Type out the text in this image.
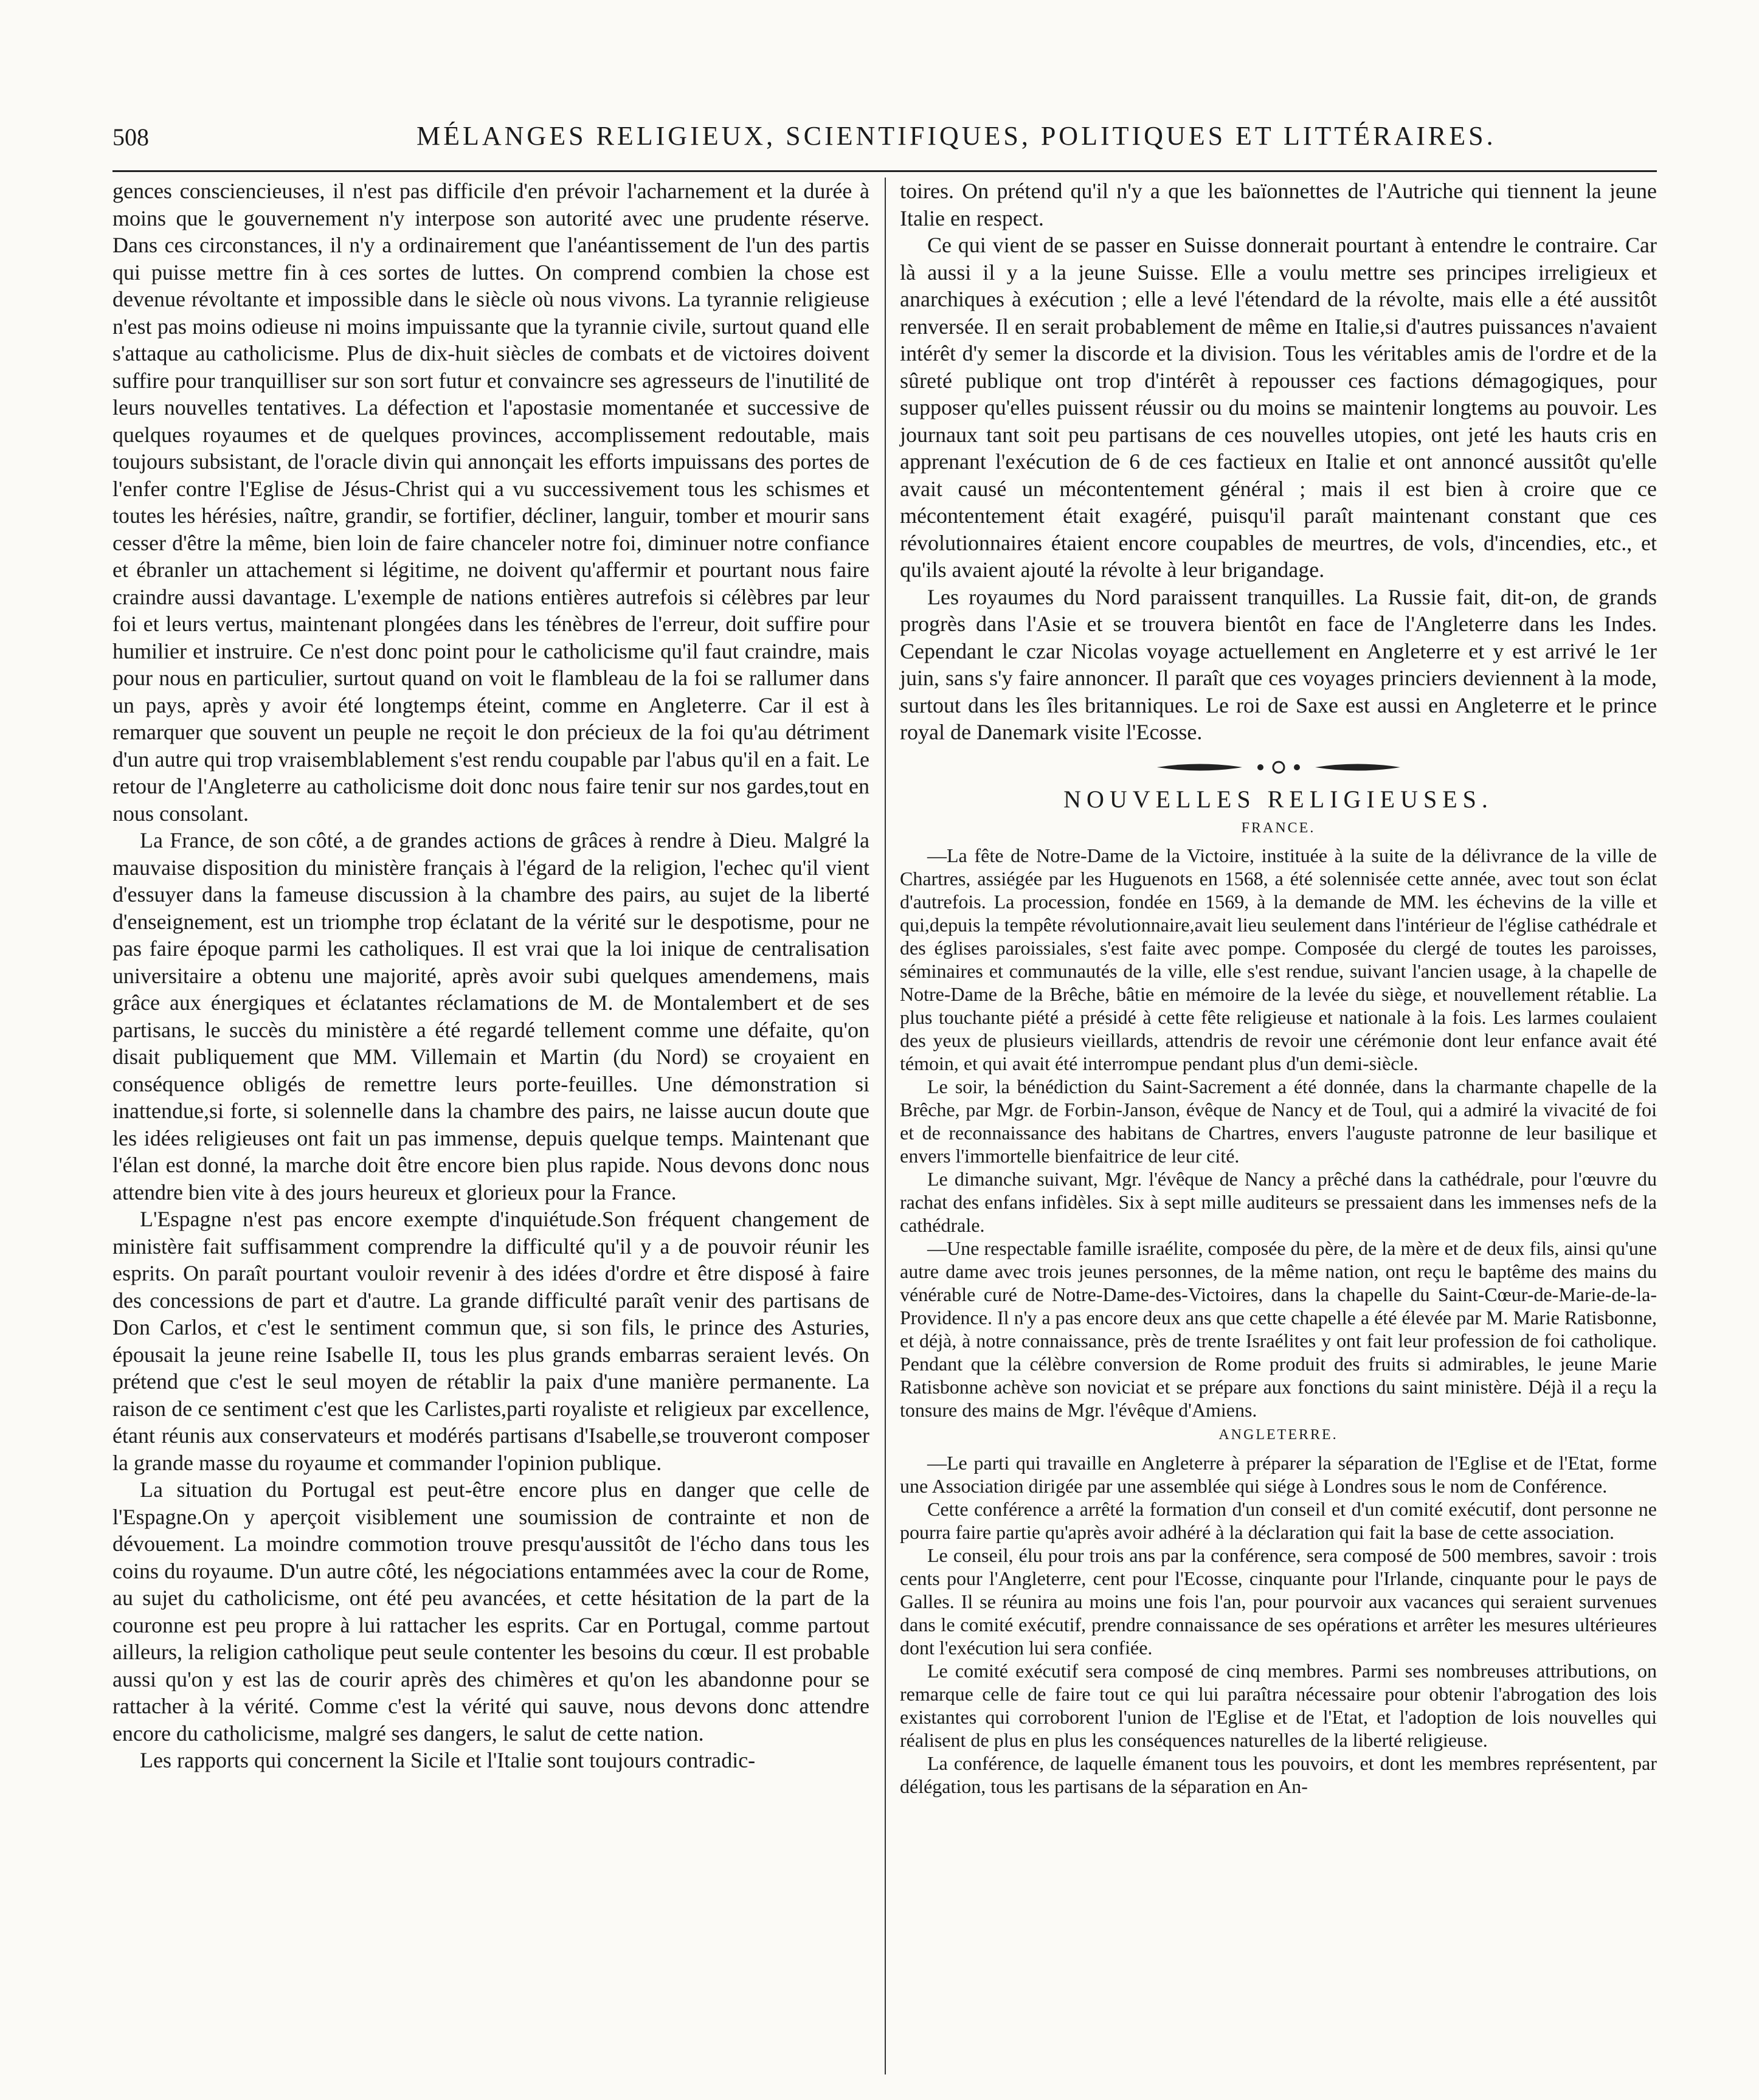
508	MÉLANGES RELIGIEUX, SCIENTIFIQUES, POLITIQUES ET LITTÉRAIRES.

gences consciencieuses, il n'est pas difficile d'en prévoir l'acharnement et la durée à moins que le gouvernement n'y interpose son autorité avec une prudente réserve. Dans ces circonstances, il n'y a ordinairement que l'anéantissement de l'un des partis qui puisse mettre fin à ces sortes de luttes. On comprend combien la chose est devenue révoltante et impossible dans le siècle où nous vivons. La tyrannie religieuse n'est pas moins odieuse ni moins impuissante que la tyrannie civile, surtout quand elle s'attaque au catholicisme. Plus de dix-huit siècles de combats et de victoires doivent suffire pour tranquilliser sur son sort futur et convaincre ses agresseurs de l'inutilité de leurs nouvelles tentatives. La défection et l'apostasie momentanée et successive de quelques royaumes et de quelques provinces, accomplissement redoutable, mais toujours subsistant, de l'oracle divin qui annonçait les efforts impuissans des portes de l'enfer contre l'Eglise de Jésus-Christ qui a vu successivement tous les schismes et toutes les hérésies, naître, grandir, se fortifier, décliner, languir, tomber et mourir sans cesser d'être la même, bien loin de faire chanceler notre foi, diminuer notre confiance et ébranler un attachement si légitime, ne doivent qu'affermir et pourtant nous faire craindre aussi davantage. L'exemple de nations entières autrefois si célèbres par leur foi et leurs vertus, maintenant plongées dans les ténèbres de l'erreur, doit suffire pour humilier et instruire. Ce n'est donc point pour le catholicisme qu'il faut craindre, mais pour nous en particulier, surtout quand on voit le flambleau de la foi se rallumer dans un pays, après y avoir été longtemps éteint, comme en Angleterre. Car il est à remarquer que souvent un peuple ne reçoit le don précieux de la foi qu'au détriment d'un autre qui trop vraisemblablement s'est rendu coupable par l'abus qu'il en a fait. Le retour de l'Angleterre au catholicisme doit donc nous faire tenir sur nos gardes,tout en nous consolant.

La France, de son côté, a de grandes actions de grâces à rendre à Dieu. Malgré la mauvaise disposition du ministère français à l'égard de la religion, l'echec qu'il vient d'essuyer dans la fameuse discussion à la chambre des pairs, au sujet de la liberté d'enseignement, est un triomphe trop éclatant de la vérité sur le despotisme, pour ne pas faire époque parmi les catholiques. Il est vrai que la loi inique de centralisation universitaire a obtenu une majorité, après avoir subi quelques amendemens, mais grâce aux énergiques et éclatantes réclamations de M. de Montalembert et de ses partisans, le succès du ministère a été regardé tellement comme une défaite, qu'on disait publiquement que MM. Villemain et Martin (du Nord) se croyaient en conséquence obligés de remettre leurs porte-feuilles. Une démonstration si inattendue,si forte, si solennelle dans la chambre des pairs, ne laisse aucun doute que les idées religieuses ont fait un pas immense, depuis quelque temps. Maintenant que l'élan est donné, la marche doit être encore bien plus rapide. Nous devons donc nous attendre bien vite à des jours heureux et glorieux pour la France.

L'Espagne n'est pas encore exempte d'inquiétude.Son fréquent changement de ministère fait suffisamment comprendre la difficulté qu'il y a de pouvoir réunir les esprits. On paraît pourtant vouloir revenir à des idées d'ordre et être disposé à faire des concessions de part et d'autre. La grande difficulté paraît venir des partisans de Don Carlos, et c'est le sentiment commun que, si son fils, le prince des Asturies, épousait la jeune reine Isabelle II, tous les plus grands embarras seraient levés. On prétend que c'est le seul moyen de rétablir la paix d'une manière permanente. La raison de ce sentiment c'est que les Carlistes,parti royaliste et religieux par excellence, étant réunis aux conservateurs et modérés partisans d'Isabelle,se trouveront composer la grande masse du royaume et commander l'opinion publique.

La situation du Portugal est peut-être encore plus en danger que celle de l'Espagne.On y aperçoit visiblement une soumission de contrainte et non de dévouement. La moindre commotion trouve presqu'aussitôt de l'écho dans tous les coins du royaume. D'un autre côté, les négociations entammées avec la cour de Rome, au sujet du catholicisme, ont été peu avancées, et cette hésitation de la part de la couronne est peu propre à lui rattacher les esprits. Car en Portugal, comme partout ailleurs, la religion catholique peut seule contenter les besoins du cœur. Il est probable aussi qu'on y est las de courir après des chimères et qu'on les abandonne pour se rattacher à la vérité. Comme c'est la vérité qui sauve, nous devons donc attendre encore du catholicisme, malgré ses dangers, le salut de cette nation.

Les rapports qui concernent la Sicile et l'Italie sont toujours contradic-

toires. On prétend qu'il n'y a que les baïonnettes de l'Autriche qui tiennent la jeune Italie en respect.

Ce qui vient de se passer en Suisse donnerait pourtant à entendre le contraire. Car là aussi il y a la jeune Suisse. Elle a voulu mettre ses principes irreligieux et anarchiques à exécution ; elle a levé l'étendard de la révolte, mais elle a été aussitôt renversée. Il en serait probablement de même en Italie,si d'autres puissances n'avaient intérêt d'y semer la discorde et la division. Tous les véritables amis de l'ordre et de la sûreté publique ont trop d'intérêt à repousser ces factions démagogiques, pour supposer qu'elles puissent réussir ou du moins se maintenir longtems au pouvoir. Les journaux tant soit peu partisans de ces nouvelles utopies, ont jeté les hauts cris en apprenant l'exécution de 6 de ces factieux en Italie et ont annoncé aussitôt qu'elle avait causé un mécontentement général ; mais il est bien à croire que ce mécontentement était exagéré, puisqu'il paraît maintenant constant que ces révolutionnaires étaient encore coupables de meurtres, de vols, d'incendies, etc., et qu'ils avaient ajouté la révolte à leur brigandage.

Les royaumes du Nord paraissent tranquilles. La Russie fait, dit-on, de grands progrès dans l'Asie et se trouvera bientôt en face de l'Angleterre dans les Indes. Cependant le czar Nicolas voyage actuellement en Angleterre et y est arrivé le 1er juin, sans s'y faire annoncer. Il paraît que ces voyages princiers deviennent à la mode, surtout dans les îles britanniques. Le roi de Saxe est aussi en Angleterre et le prince royal de Danemark visite l'Ecosse.

NOUVELLES RELIGIEUSES.
FRANCE.

—La fête de Notre-Dame de la Victoire, instituée à la suite de la délivrance de la ville de Chartres, assiégée par les Huguenots en 1568, a été solennisée cette année, avec tout son éclat d'autrefois. La procession, fondée en 1569, à la demande de MM. les échevins de la ville et qui,depuis la tempête révolutionnaire,avait lieu seulement dans l'intérieur de l'église cathédrale et des églises paroissiales, s'est faite avec pompe. Composée du clergé de toutes les paroisses, séminaires et communautés de la ville, elle s'est rendue, suivant l'ancien usage, à la chapelle de Notre-Dame de la Brêche, bâtie en mémoire de la levée du siège, et nouvellement rétablie. La plus touchante piété a présidé à cette fête religieuse et nationale à la fois. Les larmes coulaient des yeux de plusieurs vieillards, attendris de revoir une cérémonie dont leur enfance avait été témoin, et qui avait été interrompue pendant plus d'un demi-siècle.

Le soir, la bénédiction du Saint-Sacrement a été donnée, dans la charmante chapelle de la Brêche, par Mgr. de Forbin-Janson, évêque de Nancy et de Toul, qui a admiré la vivacité de foi et de reconnaissance des habitans de Chartres, envers l'auguste patronne de leur basilique et envers l'immortelle bienfaitrice de leur cité.

Le dimanche suivant, Mgr. l'évêque de Nancy a prêché dans la cathédrale, pour l'œuvre du rachat des enfans infidèles. Six à sept mille auditeurs se pressaient dans les immenses nefs de la cathédrale.

—Une respectable famille israélite, composée du père, de la mère et de deux fils, ainsi qu'une autre dame avec trois jeunes personnes, de la même nation, ont reçu le baptême des mains du vénérable curé de Notre-Dame-des-Victoires, dans la chapelle du Saint-Cœur-de-Marie-de-la-Providence. Il n'y a pas encore deux ans que cette chapelle a été élevée par M. Marie Ratisbonne, et déjà, à notre connaissance, près de trente Israélites y ont fait leur profession de foi catholique. Pendant que la célèbre conversion de Rome produit des fruits si admirables, le jeune Marie Ratisbonne achève son noviciat et se prépare aux fonctions du saint ministère. Déjà il a reçu la tonsure des mains de Mgr. l'évêque d'Amiens.

ANGLETERRE.

—Le parti qui travaille en Angleterre à préparer la séparation de l'Eglise et de l'Etat, forme une Association dirigée par une assemblée qui siége à Londres sous le nom de Conférence.

Cette conférence a arrêté la formation d'un conseil et d'un comité exécutif, dont personne ne pourra faire partie qu'après avoir adhéré à la déclaration qui fait la base de cette association.

Le conseil, élu pour trois ans par la conférence, sera composé de 500 membres, savoir : trois cents pour l'Angleterre, cent pour l'Ecosse, cinquante pour l'Irlande, cinquante pour le pays de Galles. Il se réunira au moins une fois l'an, pour pourvoir aux vacances qui seraient survenues dans le comité exécutif, prendre connaissance de ses opérations et arrêter les mesures ultérieures dont l'exécution lui sera confiée.

Le comité exécutif sera composé de cinq membres. Parmi ses nombreuses attributions, on remarque celle de faire tout ce qui lui paraîtra nécessaire pour obtenir l'abrogation des lois existantes qui corroborent l'union de l'Eglise et de l'Etat, et l'adoption de lois nouvelles qui réalisent de plus en plus les conséquences naturelles de la liberté religieuse.

La conférence, de laquelle émanent tous les pouvoirs, et dont les membres représentent, par délégation, tous les partisans de la séparation en An-
